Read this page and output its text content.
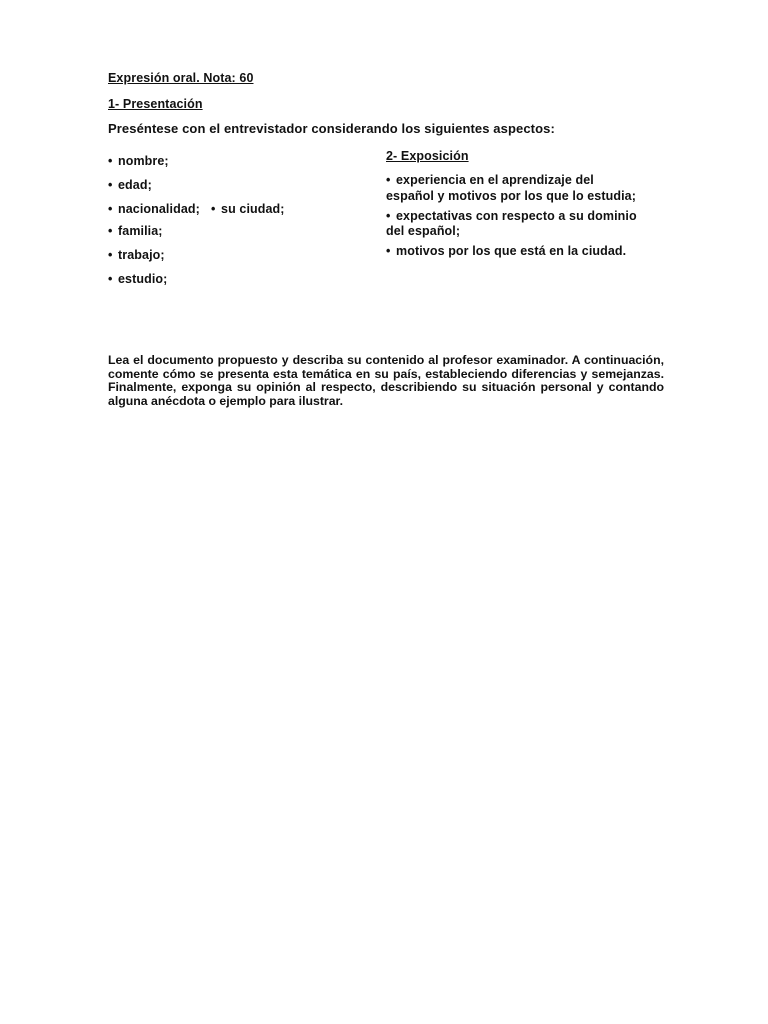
Expresión oral. Nota: 60
1- Presentación
Preséntese con el entrevistador considerando los siguientes aspectos:
• nombre;
• edad;
• nacionalidad; • su ciudad;
• familia;
• trabajo;
• estudio;
2- Exposición
• experiencia en el aprendizaje del
español y motivos por los que lo estudia;
• expectativas con respecto a su dominio
del español;
• motivos por los que está en la ciudad.

Lea el documento propuesto y describa su contenido al profesor examinador. A continuación, comente cómo se presenta esta temática en su país, estableciendo diferencias y semejanzas. Finalmente, exponga su opinión al respecto, describiendo su situación personal y contando alguna anécdota o ejemplo para ilustrar.
